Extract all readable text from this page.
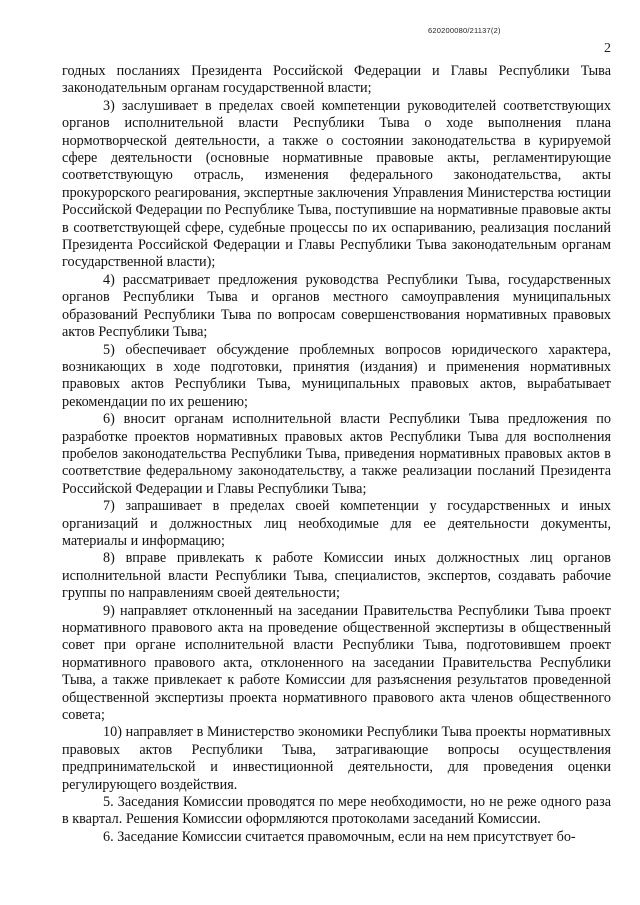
620200080/21137(2)
2

годных посланиях Президента Российской Федерации и Главы Республики Тыва законодательным органам государственной власти;

3) заслушивает в пределах своей компетенции руководителей соответствующих органов исполнительной власти Республики Тыва о ходе выполнения плана нормотворческой деятельности, а также о состоянии законодательства в курируемой сфере деятельности (основные нормативные правовые акты, регламентирующие соответствующую отрасль, изменения федерального законодательства, акты прокурорского реагирования, экспертные заключения Управления Министерства юстиции Российской Федерации по Республике Тыва, поступившие на нормативные правовые акты в соответствующей сфере, судебные процессы по их оспариванию, реализация посланий Президента Российской Федерации и Главы Республики Тыва законодательным органам государственной власти);

4) рассматривает предложения руководства Республики Тыва, государственных органов Республики Тыва и органов местного самоуправления муниципальных образований Республики Тыва по вопросам совершенствования нормативных правовых актов Республики Тыва;

5) обеспечивает обсуждение проблемных вопросов юридического характера, возникающих в ходе подготовки, принятия (издания) и применения нормативных правовых актов Республики Тыва, муниципальных правовых актов, вырабатывает рекомендации по их решению;

6) вносит органам исполнительной власти Республики Тыва предложения по разработке проектов нормативных правовых актов Республики Тыва для восполнения пробелов законодательства Республики Тыва, приведения нормативных правовых актов в соответствие федеральному законодательству, а также реализации посланий Президента Российской Федерации и Главы Республики Тыва;

7) запрашивает в пределах своей компетенции у государственных и иных организаций и должностных лиц необходимые для ее деятельности документы, материалы и информацию;

8) вправе привлекать к работе Комиссии иных должностных лиц органов исполнительной власти Республики Тыва, специалистов, экспертов, создавать рабочие группы по направлениям своей деятельности;

9) направляет отклоненный на заседании Правительства Республики Тыва проект нормативного правового акта на проведение общественной экспертизы в общественный совет при органе исполнительной власти Республики Тыва, подготовившем проект нормативного правового акта, отклоненного на заседании Правительства Республики Тыва, а также привлекает к работе Комиссии для разъяснения результатов проведенной общественной экспертизы проекта нормативного правового акта членов общественного совета;

10) направляет в Министерство экономики Республики Тыва проекты нормативных правовых актов Республики Тыва, затрагивающие вопросы осуществления предпринимательской и инвестиционной деятельности, для проведения оценки регулирующего воздействия.

5. Заседания Комиссии проводятся по мере необходимости, но не реже одного раза в квартал. Решения Комиссии оформляются протоколами заседаний Комиссии.

6. Заседание Комиссии считается правомочным, если на нем присутствует бо-
